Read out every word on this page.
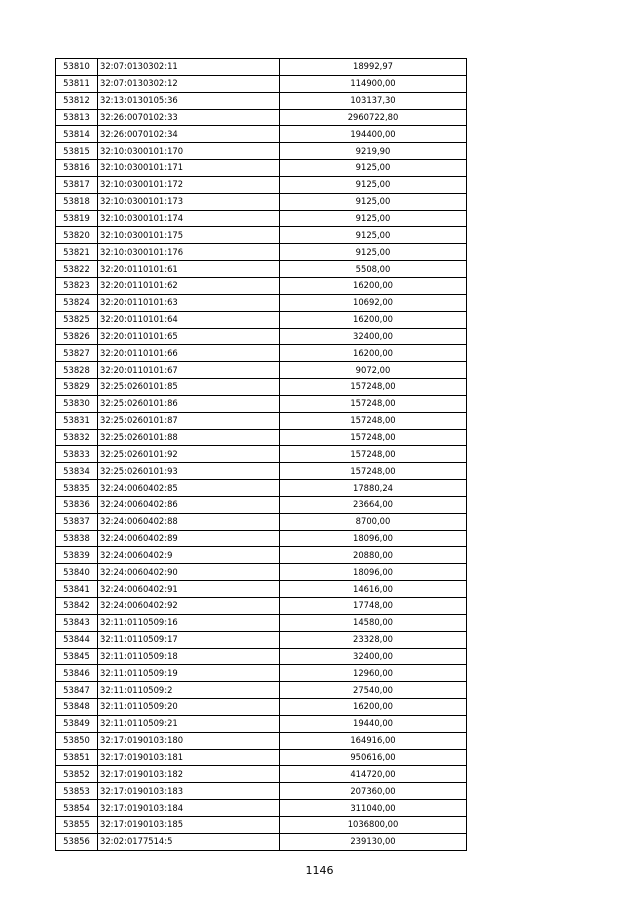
53810	32:07:0130302:11	18992,97
53811	32:07:0130302:12	114900,00
53812	32:13:0130105:36	103137,30
53813	32:26:0070102:33	2960722,80
53814	32:26:0070102:34	194400,00
53815	32:10:0300101:170	9219,90
53816	32:10:0300101:171	9125,00
53817	32:10:0300101:172	9125,00
53818	32:10:0300101:173	9125,00
53819	32:10:0300101:174	9125,00
53820	32:10:0300101:175	9125,00
53821	32:10:0300101:176	9125,00
53822	32:20:0110101:61	5508,00
53823	32:20:0110101:62	16200,00
53824	32:20:0110101:63	10692,00
53825	32:20:0110101:64	16200,00
53826	32:20:0110101:65	32400,00
53827	32:20:0110101:66	16200,00
53828	32:20:0110101:67	9072,00
53829	32:25:0260101:85	157248,00
53830	32:25:0260101:86	157248,00
53831	32:25:0260101:87	157248,00
53832	32:25:0260101:88	157248,00
53833	32:25:0260101:92	157248,00
53834	32:25:0260101:93	157248,00
53835	32:24:0060402:85	17880,24
53836	32:24:0060402:86	23664,00
53837	32:24:0060402:88	8700,00
53838	32:24:0060402:89	18096,00
53839	32:24:0060402:9	20880,00
53840	32:24:0060402:90	18096,00
53841	32:24:0060402:91	14616,00
53842	32:24:0060402:92	17748,00
53843	32:11:0110509:16	14580,00
53844	32:11:0110509:17	23328,00
53845	32:11:0110509:18	32400,00
53846	32:11:0110509:19	12960,00
53847	32:11:0110509:2	27540,00
53848	32:11:0110509:20	16200,00
53849	32:11:0110509:21	19440,00
53850	32:17:0190103:180	164916,00
53851	32:17:0190103:181	950616,00
53852	32:17:0190103:182	414720,00
53853	32:17:0190103:183	207360,00
53854	32:17:0190103:184	311040,00
53855	32:17:0190103:185	1036800,00
53856	32:02:0177514:5	239130,00
1146
